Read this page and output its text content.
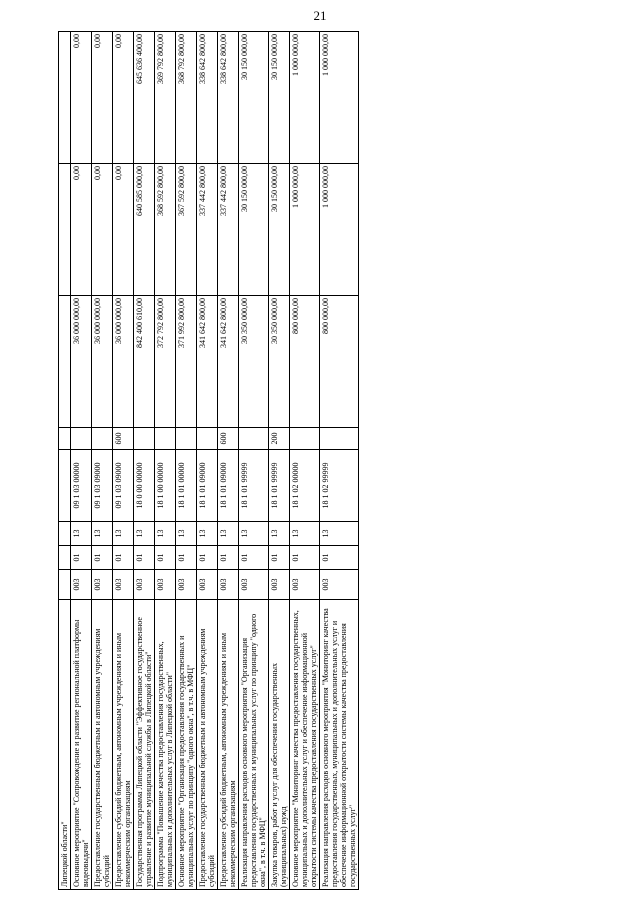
21
Липецкой области"								
Основное мероприятие "Сопровождение и развитие региональной платформы видеовыдачи"	003	01	13	09 1 03 00000		36 000 000,00	0,00	0,00
Предоставление государственным бюджетным и автономным учреждениям субсидий	003	01	13	09 1 03 09000		36 000 000,00	0,00	0,00
Предоставление субсидий бюджетным, автономным учреждениям и иным некоммерческим организациям	003	01	13	09 1 03 09000	600	36 000 000,00	0,00	0,00
Государственная программа Липецкой области "Эффективное государственное управление и развитие муниципальной службы в Липецкой области"	003	01	13	18 0 00 00000		842 400 610,00	640 585 000,00	645 636 400,00
Подпрограмма "Повышение качества предоставления государственных, муниципальных и дополнительных услуг в Липецкой области"	003	01	13	18 1 00 00000		372 792 800,00	368 592 800,00	369 792 800,00
Основное мероприятие "Организация предоставления государственных и муниципальных услуг по принципу "одного окна", в т.ч. в МФЦ"	003	01	13	18 1 01 00000		371 992 800,00	367 592 800,00	368 792 800,00
Предоставление государственным бюджетным и автономным учреждениям субсидий	003	01	13	18 1 01 09000		341 642 800,00	337 442 800,00	338 642 800,00
Предоставление субсидий бюджетным, автономным учреждениям и иным некоммерческим организациям	003	01	13	18 1 01 09000	600	341 642 800,00	337 442 800,00	338 642 800,00
Реализация направления расходов основного мероприятия "Организация предоставления государственных и муниципальных услуг по принципу "одного окна", в т.ч. в МФЦ"	003	01	13	18 1 01 99999		30 350 000,00	30 150 000,00	30 150 000,00
Закупка товаров, работ и услуг для обеспечения государственных (муниципальных) нужд	003	01	13	18 1 01 99999	200	30 350 000,00	30 150 000,00	30 150 000,00
Основное мероприятие "Мониторинг качества предоставления государственных, муниципальных и дополнительных услуг и обеспечение информационной открытости системы качества предоставления государственных услуг"	003	01	13	18 1 02 00000		800 000,00	1 000 000,00	1 000 000,00
Реализация направления расходов основного мероприятия "Мониторинг качества предоставления государственных, муниципальных и дополнительных услуг и обеспечение информационной открытости системы качества предоставления государственных услуг"	003	01	13	18 1 02 99999		800 000,00	1 000 000,00	1 000 000,00
